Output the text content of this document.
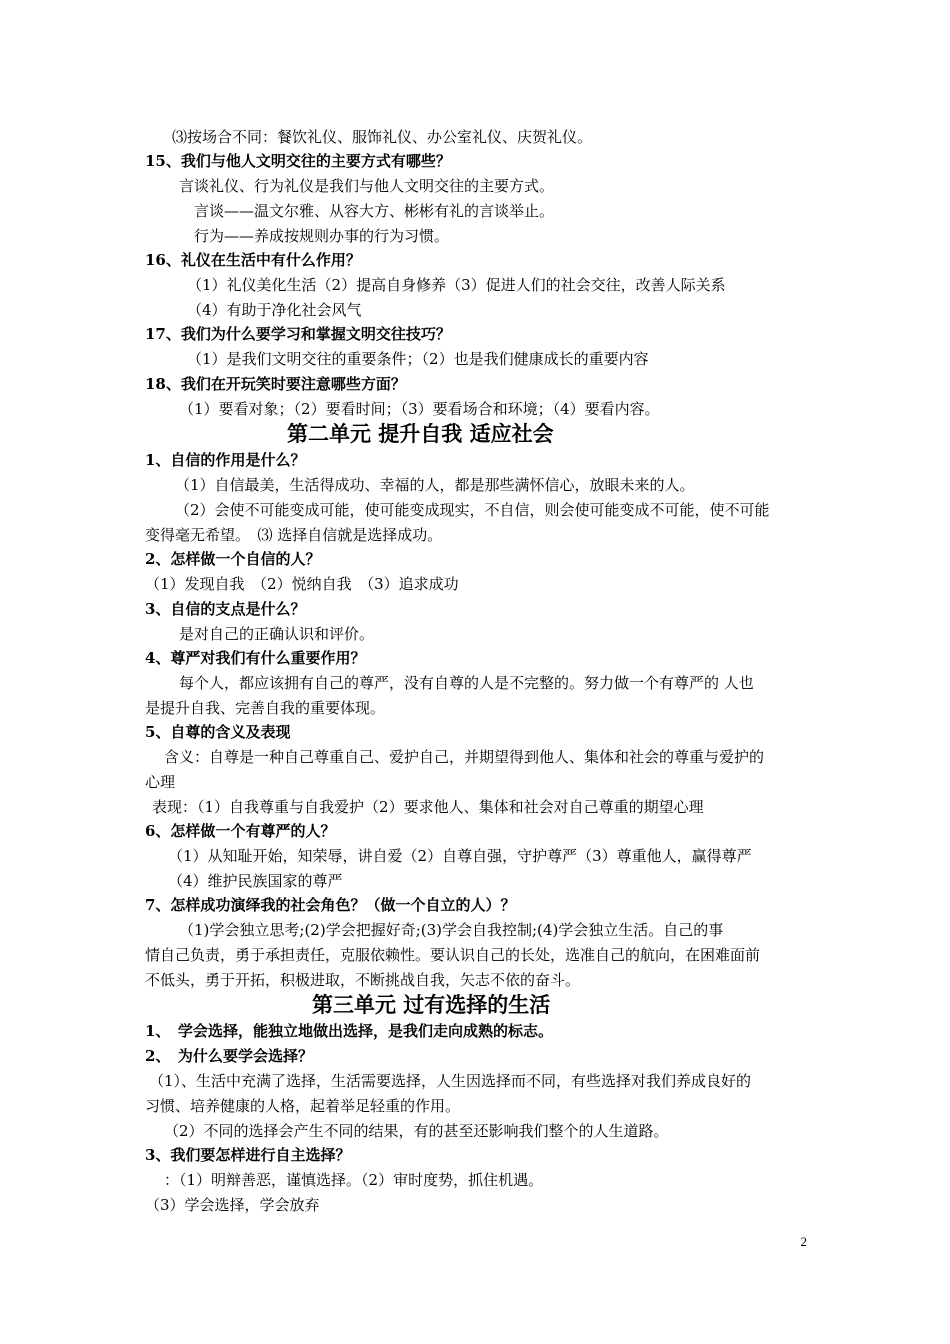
⑶按场合不同：餐饮礼仪、服饰礼仪、办公室礼仪、庆贺礼仪。
15、我们与他人文明交往的主要方式有哪些？
言谈礼仪、行为礼仪是我们与他人文明交往的主要方式。
言谈——温文尔雅、从容大方、彬彬有礼的言谈举止。
行为——养成按规则办事的行为习惯。
16、礼仪在生活中有什么作用？
（1）礼仪美化生活（2）提高自身修养（3）促进人们的社会交往，改善人际关系
（4）有助于净化社会风气
17、我们为什么要学习和掌握文明交往技巧？
（1）是我们文明交往的重要条件；（2）也是我们健康成长的重要内容
18、我们在开玩笑时要注意哪些方面？
（1）要看对象；（2）要看时间；（3）要看场合和环境；（4）要看内容。
第二单元 提升自我 适应社会
1、自信的作用是什么？
（1）自信最美，生活得成功、幸福的人，都是那些满怀信心，放眼未来的人。
（2）会使不可能变成可能，使可能变成现实，不自信，则会使可能变成不可能，使不可能
变得毫无希望。　⑶ 选择自信就是选择成功。
2、怎样做一个自信的人？
（1）发现自我　（2）悦纳自我　（3）追求成功
3、自信的支点是什么？
是对自己的正确认识和评价。
4、尊严对我们有什么重要作用？
每个人，都应该拥有自己的尊严，没有自尊的人是不完整的。努力做一个有尊严的 人也
是提升自我、完善自我的重要体现。
5、自尊的含义及表现
含义：自尊是一种自己尊重自己、爱护自己，并期望得到他人、集体和社会的尊重与爱护的
心理
表现：（1）自我尊重与自我爱护（2）要求他人、集体和社会对自己尊重的期望心理
6、怎样做一个有尊严的人？
（1）从知耻开始，知荣辱，讲自爱（2）自尊自强，守护尊严（3）尊重他人，赢得尊严
（4）维护民族国家的尊严
7、怎样成功演绎我的社会角色？（做一个自立的人）？
（1)学会独立思考;(2)学会把握好奇;(3)学会自我控制;(4)学会独立生活。自己的事
情自己负责，勇于承担责任，克服依赖性。要认识自己的长处，选准自己的航向，在困难面前
不低头，勇于开拓，积极进取，不断挑战自我，矢志不依的奋斗。
第三单元 过有选择的生活
1、　学会选择，能独立地做出选择，是我们走向成熟的标志。
2、　为什么要学会选择？
（1）、生活中充满了选择，生活需要选择，人生因选择而不同，有些选择对我们养成良好的
习惯、培养健康的人格，起着举足轻重的作用。
（2）不同的选择会产生不同的结果，有的甚至还影响我们整个的人生道路。
3、我们要怎样进行自主选择？
：（1）明辩善恶，谨慎选择。（2）审时度势，抓住机遇。
（3）学会选择，学会放弃
2
